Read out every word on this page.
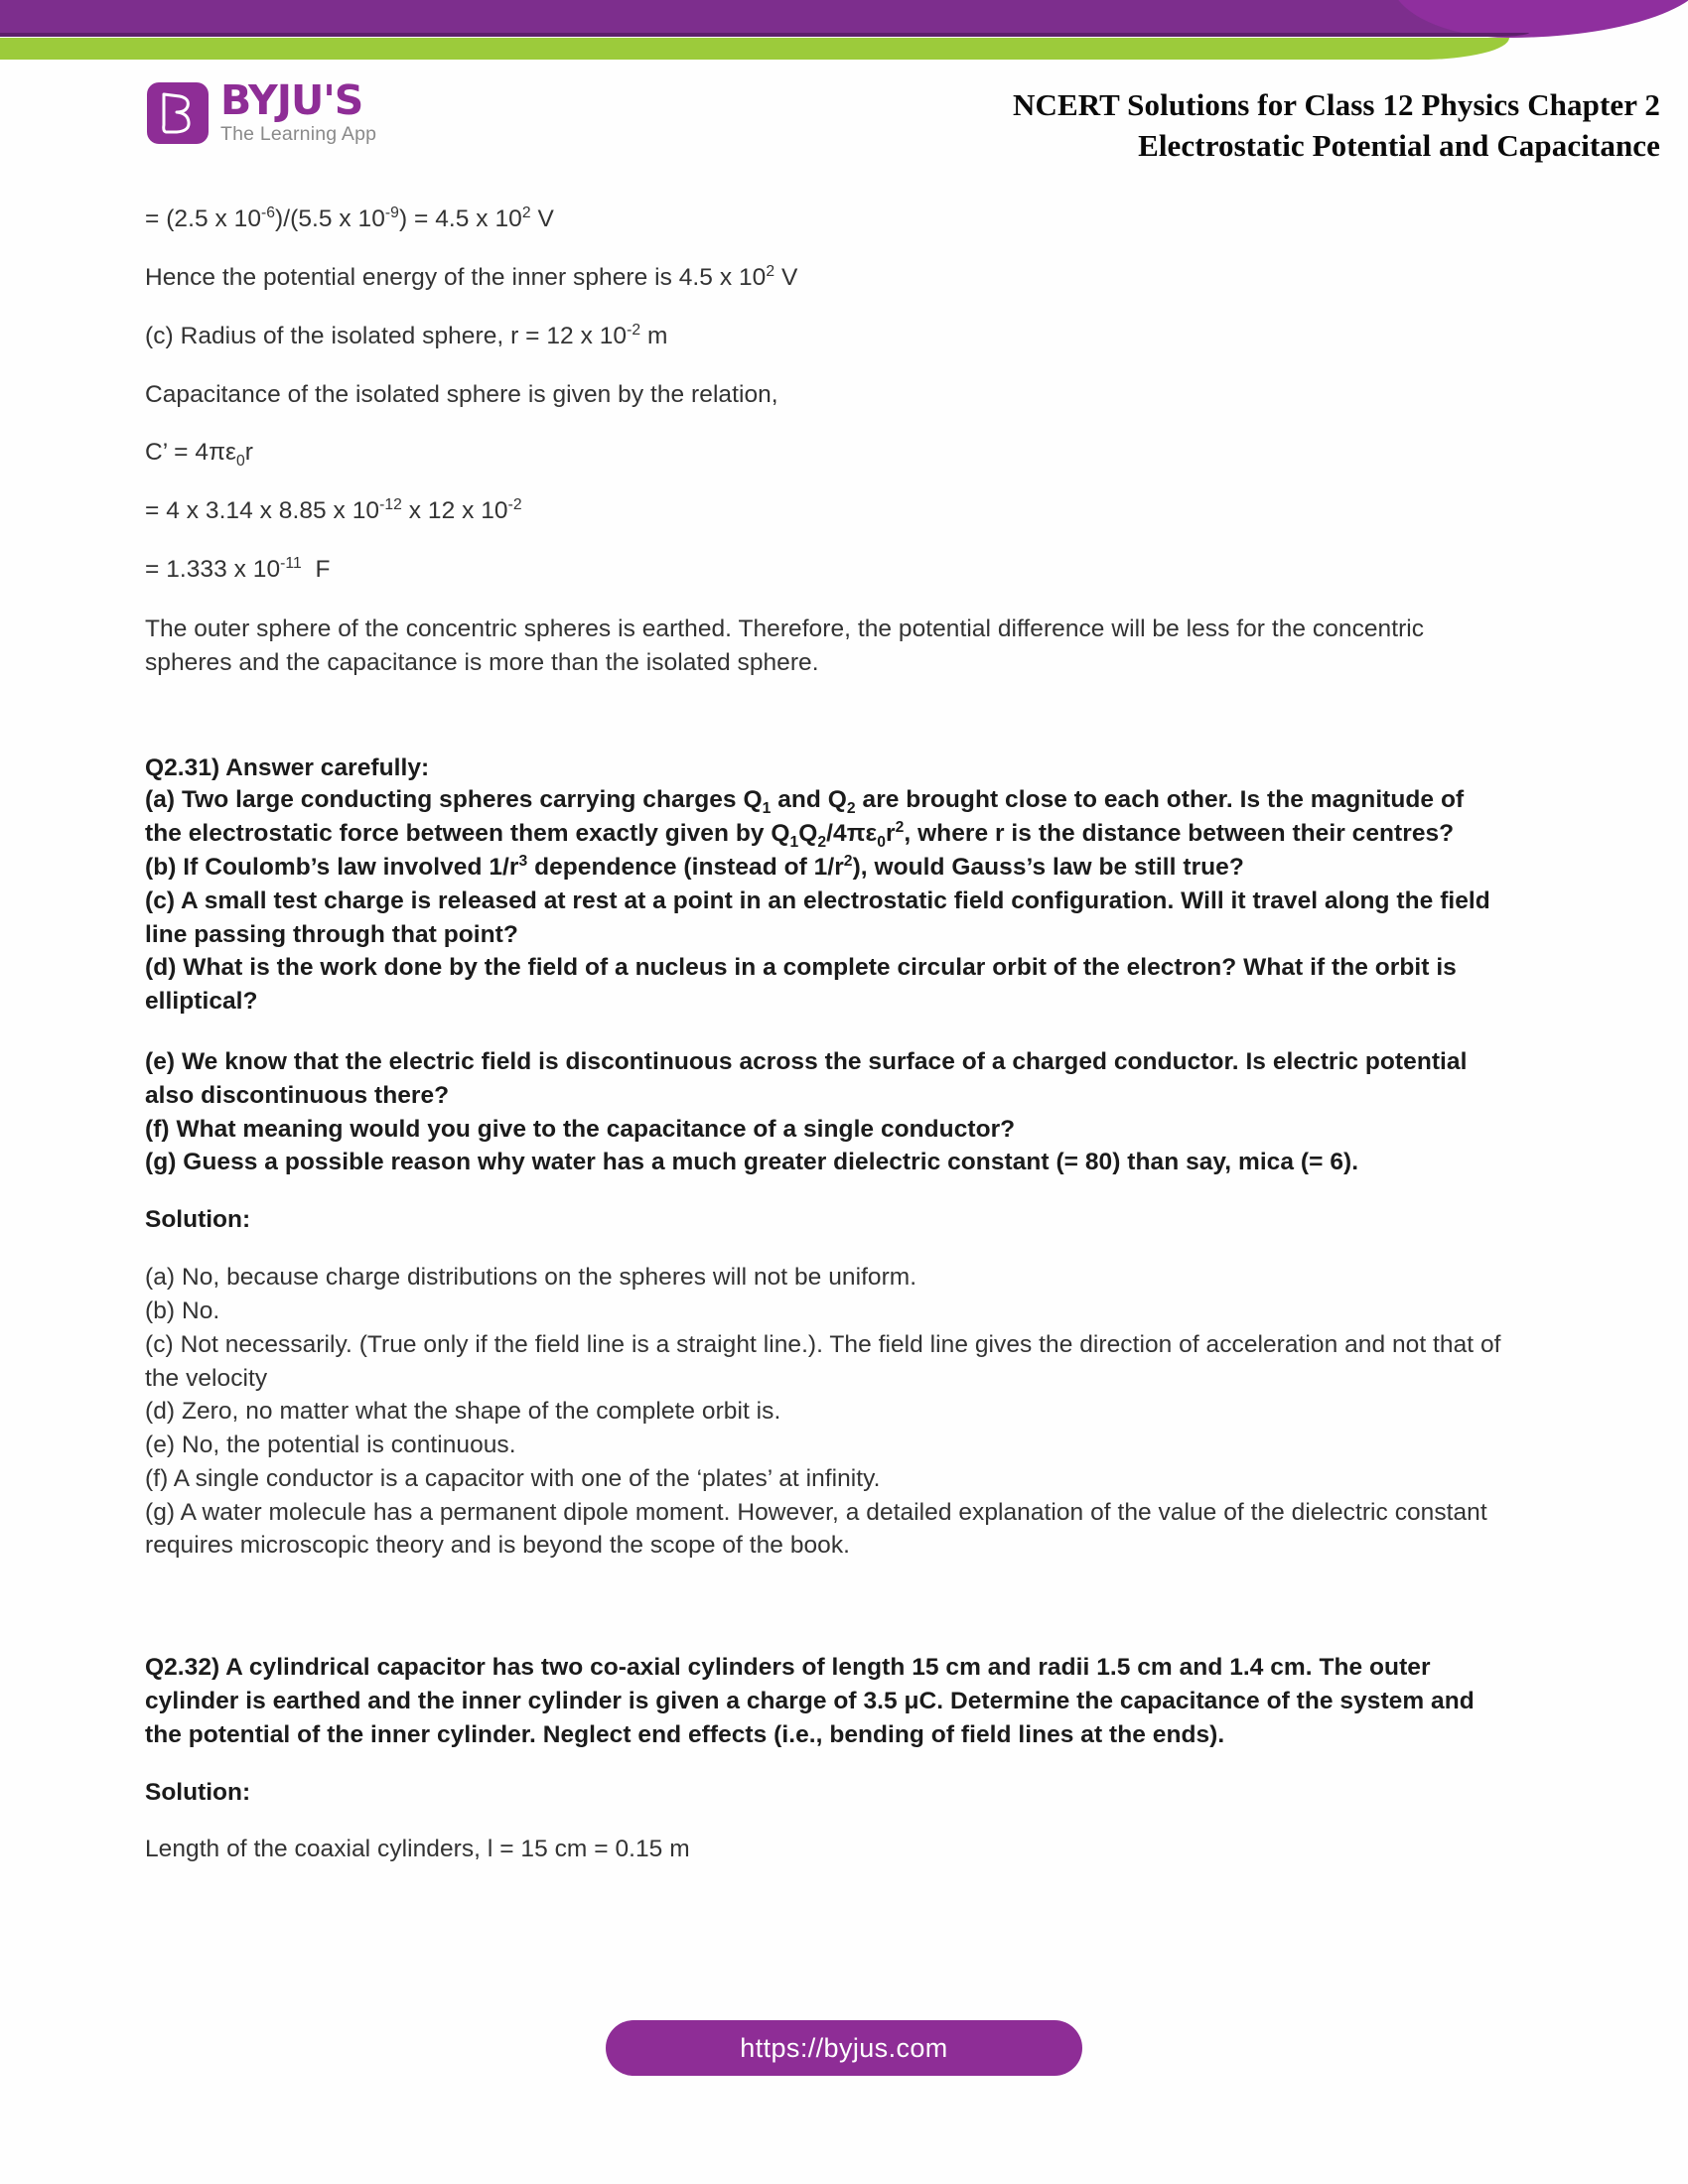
BYJU'S
The Learning App
NCERT Solutions for Class 12 Physics Chapter 2
Electrostatic Potential and Capacitance

= (2.5 x $10^{-6})/(5.5$ x $10^{-9}) = 4.5$ x $10^2$ V

Hence the potential energy of the inner sphere is 4.5 x $10^2$ V

(c) Radius of the isolated sphere, r = 12 x $10^{-2}$ m

Capacitance of the isolated sphere is given by the relation,

C’ = $4\pi\varepsilon_0r$

= 4 x 3.14 x 8.85 x $10^{-12}$ x 12 x $10^{-2}$

= 1.333 x $10^{-11}$  F

The outer sphere of the concentric spheres is earthed. Therefore, the potential difference will be less for the concentric spheres and the capacitance is more than the isolated sphere.

Q2.31) Answer carefully:

(a) Two large conducting spheres carrying charges $Q_1$ and $Q_2$ are brought close to each other. Is the magnitude of the electrostatic force between them exactly given by $Q_1Q_2/4\pi\varepsilon_0r^2$, where r is the distance between their centres?

(b) If Coulomb’s law involved $1/r^3$ dependence (instead of $1/r^2$), would Gauss’s law be still true?

(c) A small test charge is released at rest at a point in an electrostatic field configuration. Will it travel along the field line passing through that point?

(d) What is the work done by the field of a nucleus in a complete circular orbit of the electron? What if the orbit is elliptical?

(e) We know that the electric field is discontinuous across the surface of a charged conductor. Is electric potential also discontinuous there?

(f) What meaning would you give to the capacitance of a single conductor?

(g) Guess a possible reason why water has a much greater dielectric constant (= 80) than say, mica (= 6).

Solution:

(a) No, because charge distributions on the spheres will not be uniform.

(b) No.

(c) Not necessarily. (True only if the field line is a straight line.). The field line gives the direction of acceleration and not that of the velocity

(d) Zero, no matter what the shape of the complete orbit is.

(e) No, the potential is continuous.

(f) A single conductor is a capacitor with one of the ‘plates’ at infinity.

(g) A water molecule has a permanent dipole moment. However, a detailed explanation of the value of the dielectric constant requires microscopic theory and is beyond the scope of the book.

Q2.32) A cylindrical capacitor has two co-axial cylinders of length 15 cm and radii 1.5 cm and 1.4 cm. The outer cylinder is earthed and the inner cylinder is given a charge of 3.5 μC. Determine the capacitance of the system and the potential of the inner cylinder. Neglect end effects (i.e., bending of field lines at the ends).

Solution:

Length of the coaxial cylinders, l = 15 cm = 0.15 m

https://byjus.com
